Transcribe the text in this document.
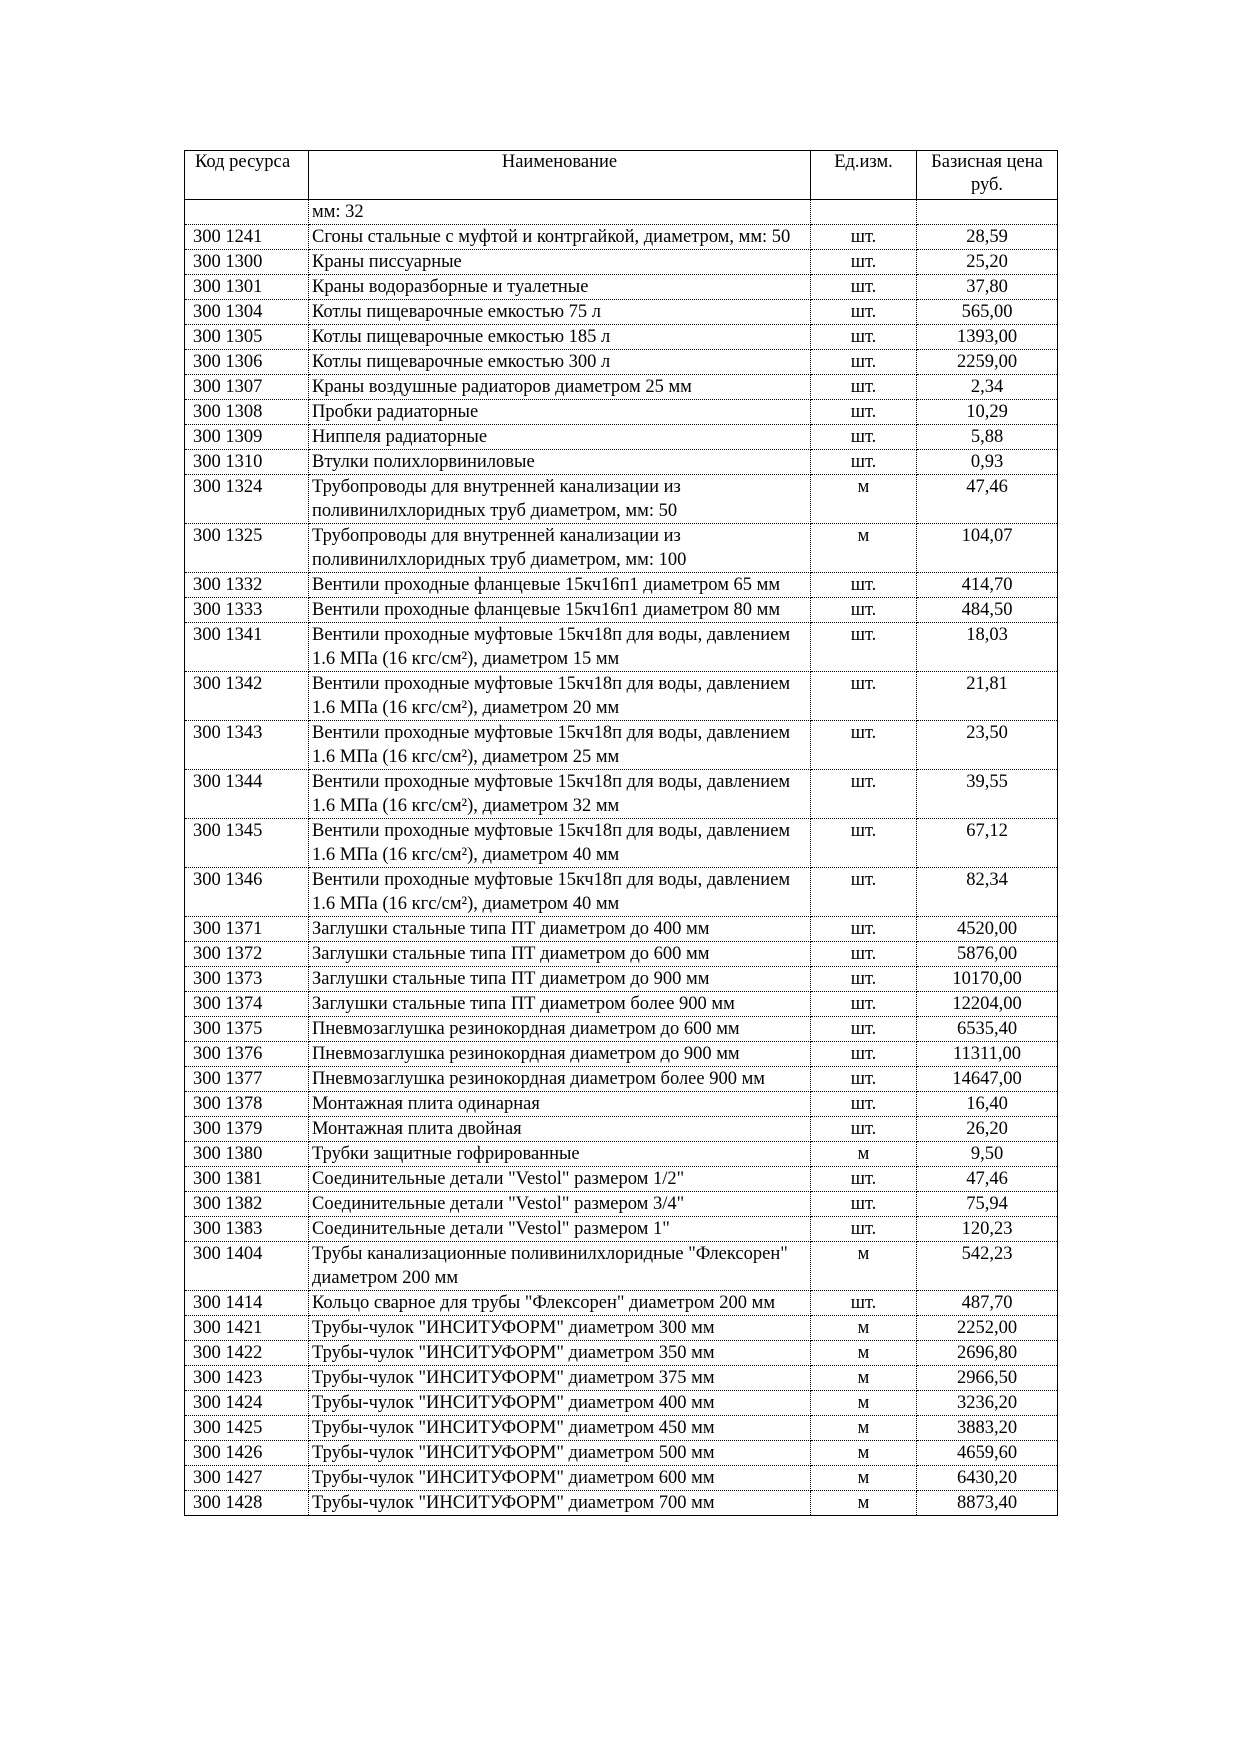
Код ресурса	Наименование	Ед.изм.	Базисная цена руб.
	мм: 32		
300 1241	Сгоны стальные с муфтой и контргайкой, диаметром, мм: 50	шт.	28,59
300 1300	Краны писсуарные	шт.	25,20
300 1301	Краны водоразборные и туалетные	шт.	37,80
300 1304	Котлы пищеварочные емкостью 75 л	шт.	565,00
300 1305	Котлы пищеварочные емкостью 185 л	шт.	1393,00
300 1306	Котлы пищеварочные емкостью 300 л	шт.	2259,00
300 1307	Краны воздушные радиаторов диаметром 25 мм	шт.	2,34
300 1308	Пробки радиаторные	шт.	10,29
300 1309	Ниппеля радиаторные	шт.	5,88
300 1310	Втулки полихлорвиниловые	шт.	0,93
300 1324	Трубопроводы для внутренней канализации из поливинилхлоридных труб диаметром, мм: 50	м	47,46
300 1325	Трубопроводы для внутренней канализации из поливинилхлоридных труб диаметром, мм: 100	м	104,07
300 1332	Вентили проходные фланцевые 15кч16п1 диаметром 65 мм	шт.	414,70
300 1333	Вентили проходные фланцевые 15кч16п1 диаметром 80 мм	шт.	484,50
300 1341	Вентили проходные муфтовые 15кч18п для воды, давлением 1.6 МПа (16 кгс/см²), диаметром 15 мм	шт.	18,03
300 1342	Вентили проходные муфтовые 15кч18п для воды, давлением 1.6 МПа (16 кгс/см²), диаметром 20 мм	шт.	21,81
300 1343	Вентили проходные муфтовые 15кч18п для воды, давлением 1.6 МПа (16 кгс/см²), диаметром 25 мм	шт.	23,50
300 1344	Вентили проходные муфтовые 15кч18п для воды, давлением 1.6 МПа (16 кгс/см²), диаметром 32 мм	шт.	39,55
300 1345	Вентили проходные муфтовые 15кч18п для воды, давлением 1.6 МПа (16 кгс/см²), диаметром 40 мм	шт.	67,12
300 1346	Вентили проходные муфтовые 15кч18п для воды, давлением 1.6 МПа (16 кгс/см²), диаметром 40 мм	шт.	82,34
300 1371	Заглушки стальные типа ПТ диаметром до 400 мм	шт.	4520,00
300 1372	Заглушки стальные типа ПТ диаметром до 600 мм	шт.	5876,00
300 1373	Заглушки стальные типа ПТ диаметром до 900 мм	шт.	10170,00
300 1374	Заглушки стальные типа ПТ диаметром более 900 мм	шт.	12204,00
300 1375	Пневмозаглушка резинокордная диаметром до 600 мм	шт.	6535,40
300 1376	Пневмозаглушка резинокордная диаметром до 900 мм	шт.	11311,00
300 1377	Пневмозаглушка резинокордная диаметром более 900 мм	шт.	14647,00
300 1378	Монтажная плита одинарная	шт.	16,40
300 1379	Монтажная плита двойная	шт.	26,20
300 1380	Трубки защитные гофрированные	м	9,50
300 1381	Соединительные детали "Vestol" размером 1/2"	шт.	47,46
300 1382	Соединительные детали "Vestol" размером 3/4"	шт.	75,94
300 1383	Соединительные детали "Vestol" размером 1"	шт.	120,23
300 1404	Трубы канализационные поливинилхлоридные "Флексорен" диаметром 200 мм	м	542,23
300 1414	Кольцо сварное для трубы "Флексорен" диаметром 200 мм	шт.	487,70
300 1421	Трубы-чулок "ИНСИТУФОРМ" диаметром 300 мм	м	2252,00
300 1422	Трубы-чулок "ИНСИТУФОРМ" диаметром 350 мм	м	2696,80
300 1423	Трубы-чулок "ИНСИТУФОРМ" диаметром 375 мм	м	2966,50
300 1424	Трубы-чулок "ИНСИТУФОРМ" диаметром 400 мм	м	3236,20
300 1425	Трубы-чулок "ИНСИТУФОРМ" диаметром 450 мм	м	3883,20
300 1426	Трубы-чулок "ИНСИТУФОРМ" диаметром 500 мм	м	4659,60
300 1427	Трубы-чулок "ИНСИТУФОРМ" диаметром 600 мм	м	6430,20
300 1428	Трубы-чулок "ИНСИТУФОРМ" диаметром 700 мм	м	8873,40
